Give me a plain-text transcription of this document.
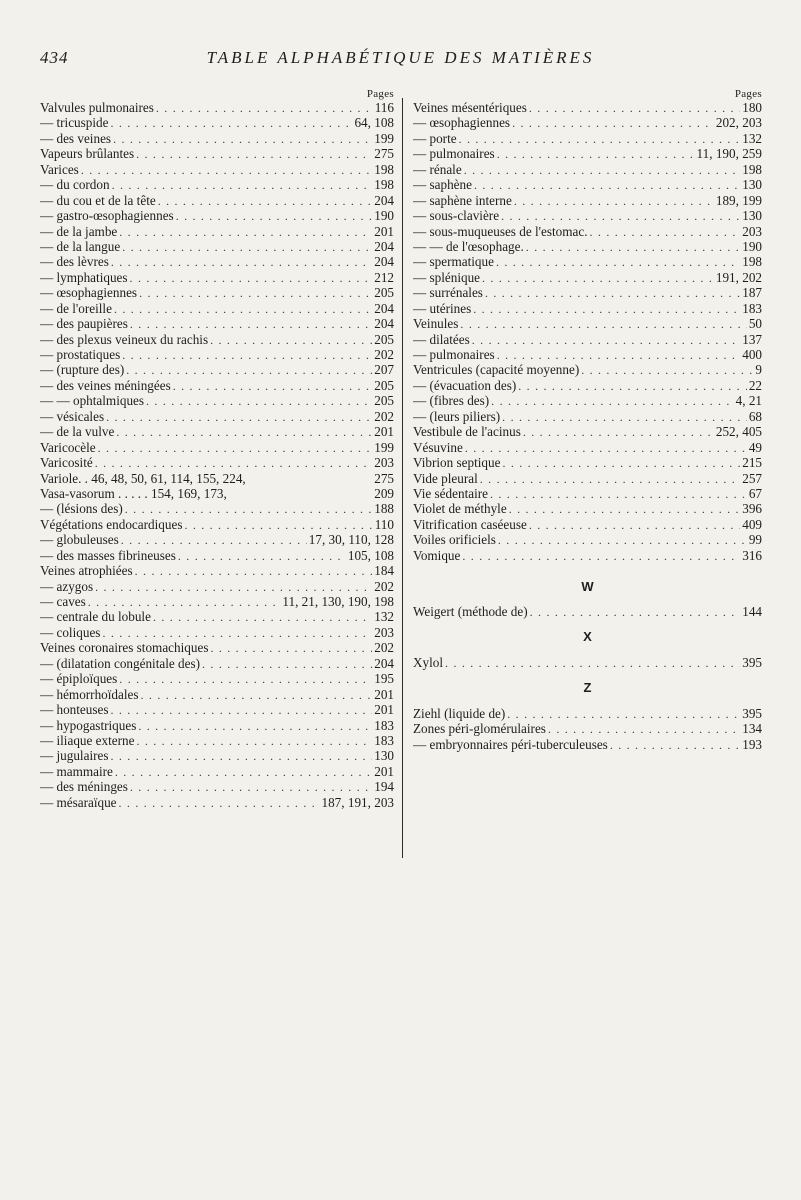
434	TABLE ALPHABÉTIQUE DES MATIÈRES
Pages
Valvules pulmonaires . . .	116
— tricuspide . . .	64, 108
— des veines . . .	199
Vapeurs brûlantes . . .	275
Varices . . .	198
— du cordon . . .	198
— du cou et de la tête . . .	204
— gastro-œsophagiennes . . .	190
— de la jambe . . .	201
— de la langue . . .	204
— des lèvres . . .	204
— lymphatiques . . .	212
— œsophagiennes . . .	205
— de l'oreille . . .	204
— des paupières . . .	204
— des plexus veineux du rachis . . .	205
— prostatiques . . .	202
— (rupture des) . . .	207
— des veines méningées . . .	205
— — ophtalmiques . . .	205
— vésicales . . .	202
— de la vulve . . .	201
Varicocèle . . .	199
Varicosité . . .	203
Variole. . 46, 48, 50, 61, 114, 155, 224,	275
Vasa-vasorum . . . . . 154, 169, 173,	209
— (lésions des) . . .	188
Végétations endocardiques . . .	110
— globuleuses . . .	17, 30, 110, 128
— des masses fibrineuses . . .	105, 108
Veines atrophiées . . .	184
— azygos . . .	202
— caves . . .	11, 21, 130, 190, 198
— centrale du lobule . . .	132
— coliques . . .	203
Veines coronaires stomachiques . . .	202
— (dilatation congénitale des) . . .	204
— épiploïques . . .	195
— hémorrhoïdales . . .	201
— honteuses . . .	201
— hypogastriques . . .	183
— iliaque externe . . .	183
— jugulaires . . .	130
— mammaire . . .	201
— des méninges . . .	194
— mésaraïque . . .	187, 191, 203
Pages
Veines mésentériques . . .	180
— œsophagiennes . . .	202, 203
— porte . . .	132
— pulmonaires . . .	11, 190, 259
— rénale . . .	198
— saphène . . .	130
— saphène interne . . .	189, 199
— sous-clavière . . .	130
— sous-muqueuses de l'estomac. . . .	203
— — de l'œsophage. . . .	190
— spermatique . . .	198
— splénique . . .	191, 202
— surrénales . . .	187
— utérines . . .	183
Veinules . . .	50
— dilatées . . .	137
— pulmonaires . . .	400
Ventricules (capacité moyenne) . . .	9
— (évacuation des) . . .	22
— (fibres des) . . .	4, 21
— (leurs piliers) . . .	68
Vestibule de l'acinus . . .	252, 405
Vésuvine . . .	49
Vibrion septique . . .	215
Vide pleural . . .	257
Vie sédentaire . . .	67
Violet de méthyle . . .	396
Vitrification caséeuse . . .	409
Voiles orificiels . . .	99
Vomique . . .	316
W
Weigert (méthode de) . . .	144
X
Xylol . . .	395
Z
Ziehl (liquide de) . . .	395
Zones péri-glomérulaires . . .	134
— embryonnaires péri-tuberculeuses . . .	193
